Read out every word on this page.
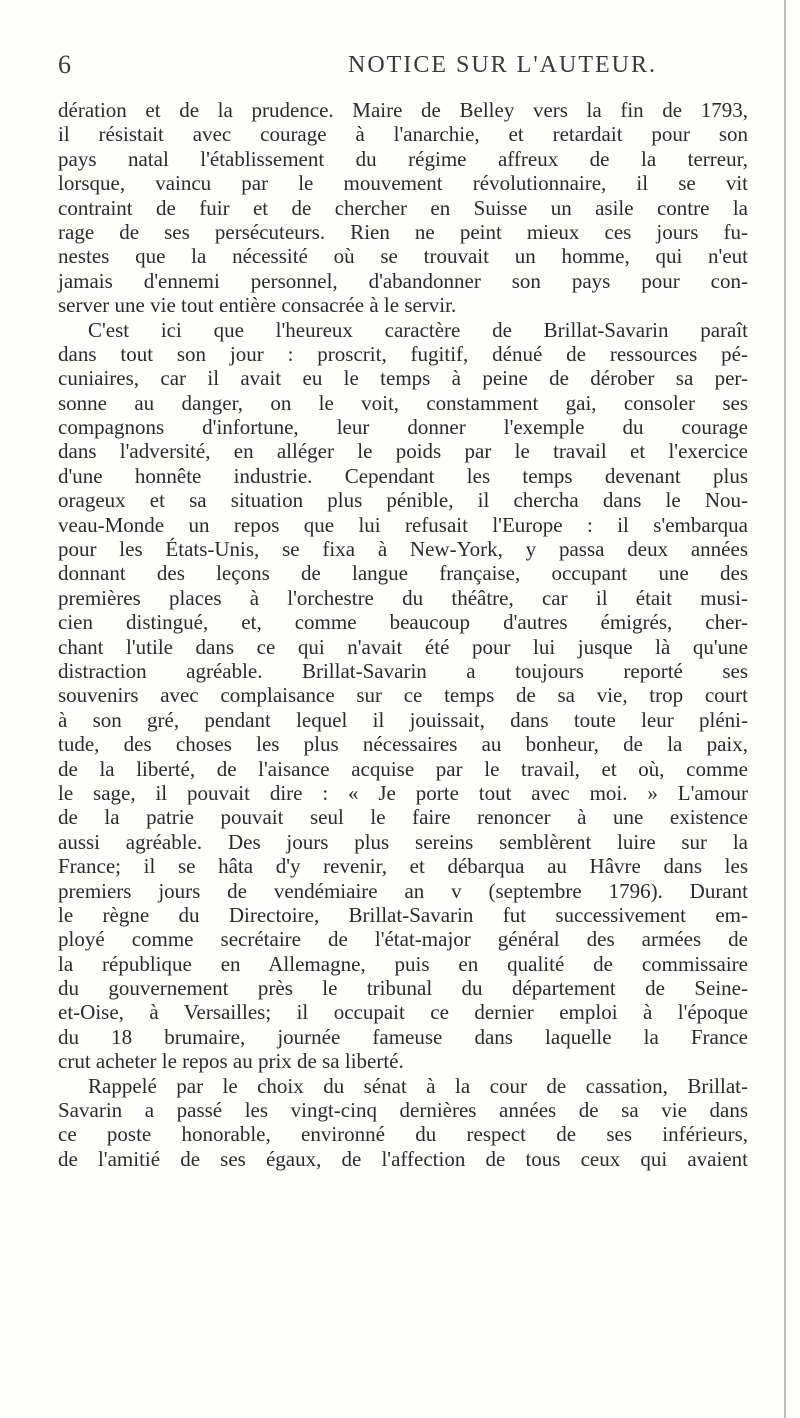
6	NOTICE SUR L'AUTEUR.
dération et de la prudence. Maire de Belley vers la fin de 1793,
il résistait avec courage à l'anarchie, et retardait pour son
pays natal l'établissement du régime affreux de la terreur,
lorsque, vaincu par le mouvement révolutionnaire, il se vit
contraint de fuir et de chercher en Suisse un asile contre la
rage de ses persécuteurs. Rien ne peint mieux ces jours fu-
nestes que la nécessité où se trouvait un homme, qui n'eut
jamais d'ennemi personnel, d'abandonner son pays pour con-
server une vie tout entière consacrée à le servir.
C'est ici que l'heureux caractère de Brillat-Savarin paraît
dans tout son jour : proscrit, fugitif, dénué de ressources pé-
cuniaires, car il avait eu le temps à peine de dérober sa per-
sonne au danger, on le voit, constamment gai, consoler ses
compagnons d'infortune, leur donner l'exemple du courage
dans l'adversité, en alléger le poids par le travail et l'exercice
d'une honnête industrie. Cependant les temps devenant plus
orageux et sa situation plus pénible, il chercha dans le Nou-
veau-Monde un repos que lui refusait l'Europe : il s'embarqua
pour les États-Unis, se fixa à New-York, y passa deux années
donnant des leçons de langue française, occupant une des
premières places à l'orchestre du théâtre, car il était musi-
cien distingué, et, comme beaucoup d'autres émigrés, cher-
chant l'utile dans ce qui n'avait été pour lui jusque là qu'une
distraction agréable. Brillat-Savarin a toujours reporté ses
souvenirs avec complaisance sur ce temps de sa vie, trop court
à son gré, pendant lequel il jouissait, dans toute leur pléni-
tude, des choses les plus nécessaires au bonheur, de la paix,
de la liberté, de l'aisance acquise par le travail, et où, comme
le sage, il pouvait dire : « Je porte tout avec moi. » L'amour
de la patrie pouvait seul le faire renoncer à une existence
aussi agréable. Des jours plus sereins semblèrent luire sur la
France; il se hâta d'y revenir, et débarqua au Hâvre dans les
premiers jours de vendémiaire an v (septembre 1796). Durant
le règne du Directoire, Brillat-Savarin fut successivement em-
ployé comme secrétaire de l'état-major général des armées de
la république en Allemagne, puis en qualité de commissaire
du gouvernement près le tribunal du département de Seine-
et-Oise, à Versailles; il occupait ce dernier emploi à l'époque
du 18 brumaire, journée fameuse dans laquelle la France
crut acheter le repos au prix de sa liberté.
Rappelé par le choix du sénat à la cour de cassation, Brillat-
Savarin a passé les vingt-cinq dernières années de sa vie dans
ce poste honorable, environné du respect de ses inférieurs,
de l'amitié de ses égaux, de l'affection de tous ceux qui avaient
